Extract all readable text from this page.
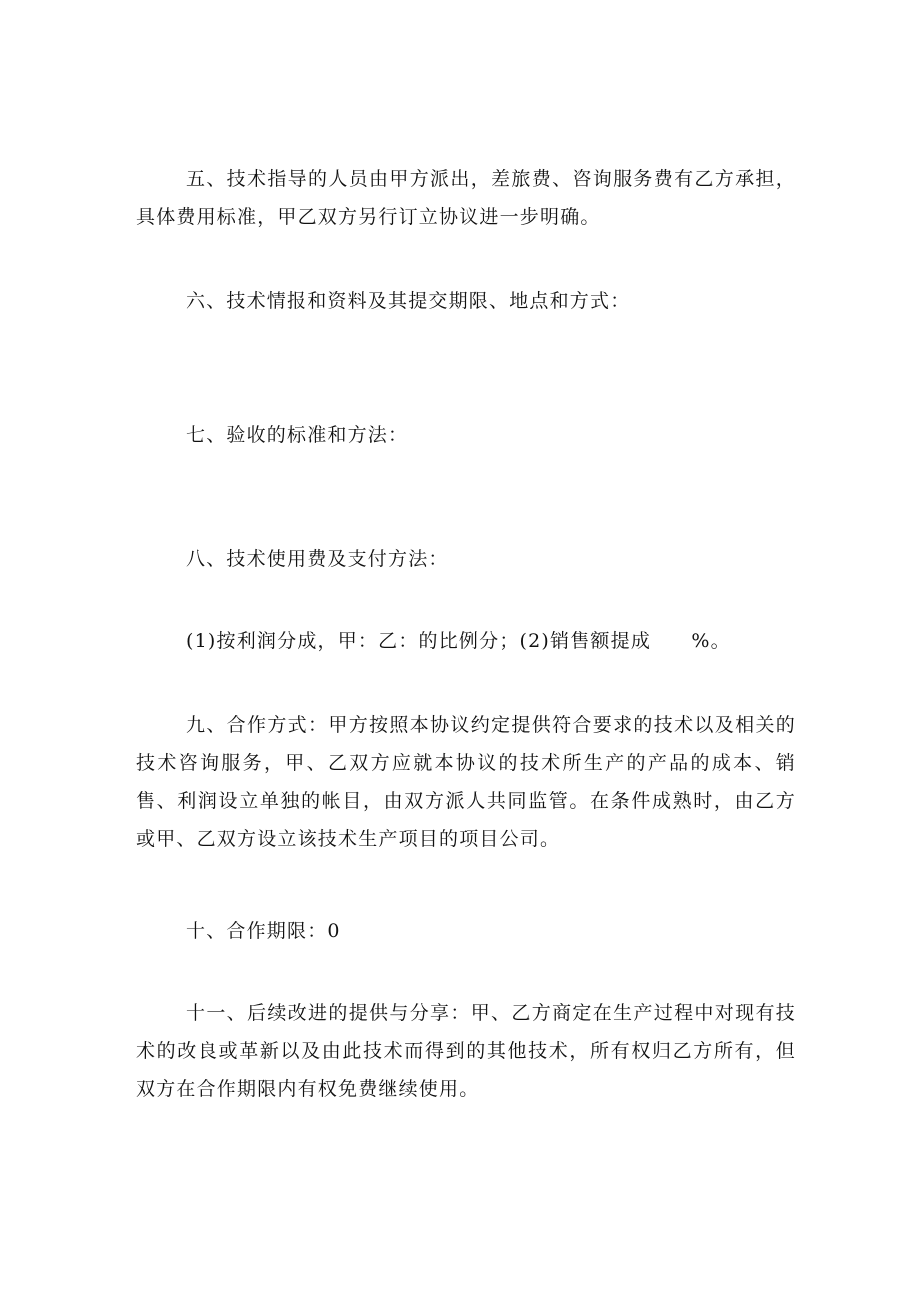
五、技术指导的人员由甲方派出，差旅费、咨询服务费有乙方承担，具体费用标准，甲乙双方另行订立协议进一步明确。

六、技术情报和资料及其提交期限、地点和方式：

七、验收的标准和方法：

八、技术使用费及支付方法：

(1)按利润分成，甲：乙：的比例分；(2)销售额提成　　%。

九、合作方式：甲方按照本协议约定提供符合要求的技术以及相关的技术咨询服务，甲、乙双方应就本协议的技术所生产的产品的成本、销售、利润设立单独的帐目，由双方派人共同监管。在条件成熟时，由乙方或甲、乙双方设立该技术生产项目的项目公司。

十、合作期限：0

十一、后续改进的提供与分享：甲、乙方商定在生产过程中对现有技术的改良或革新以及由此技术而得到的其他技术，所有权归乙方所有，但双方在合作期限内有权免费继续使用。
